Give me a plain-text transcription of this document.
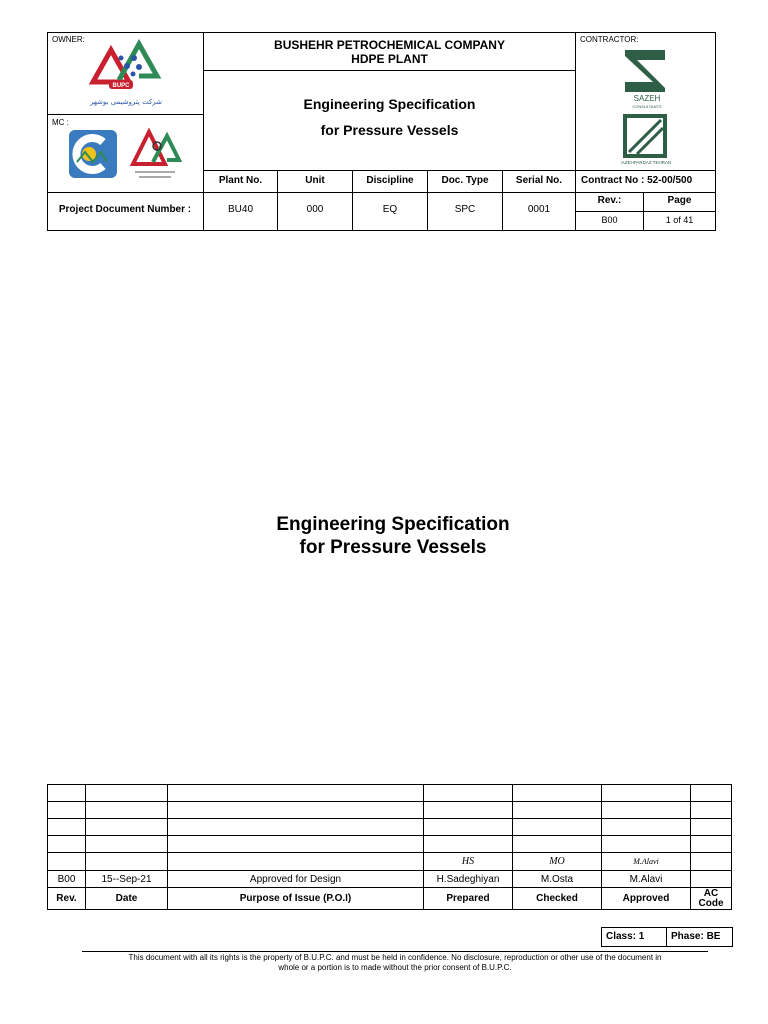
OWNER:
BUPC
شرکت پتروشیمی بوشهر
MC :
BUSHEHR PETROCHEMICAL COMPANY
HDPE PLANT
Engineering Specification
for Pressure Vessels
CONTRACTOR:
SAZEH
CONSULTANTS
SAZEHPARDAZ TEHRAN
Plant No.	Unit	Discipline	Doc. Type	Serial No.	Contract No : 52-00/500
Project Document Number :	BU40	000	EQ	SPC	0001
Rev.:	Page
B00	1 of 41
Engineering Specification
for Pressure Vessels

			HS	MO	M.Alavi	
B00	15--Sep-21	Approved for Design	H.Sadeghiyan	M.Osta	M.Alavi	
Rev.	Date	Purpose of Issue (P.O.I)	Prepared	Checked	Approved	AC Code
Class: 1	Phase: BE
This document with all its rights is the property of B.U.P.C. and must be held in confidence. No disclosure, reproduction or other use of the document in
whole or a portion is to made without the prior consent of B.U.P.C.
